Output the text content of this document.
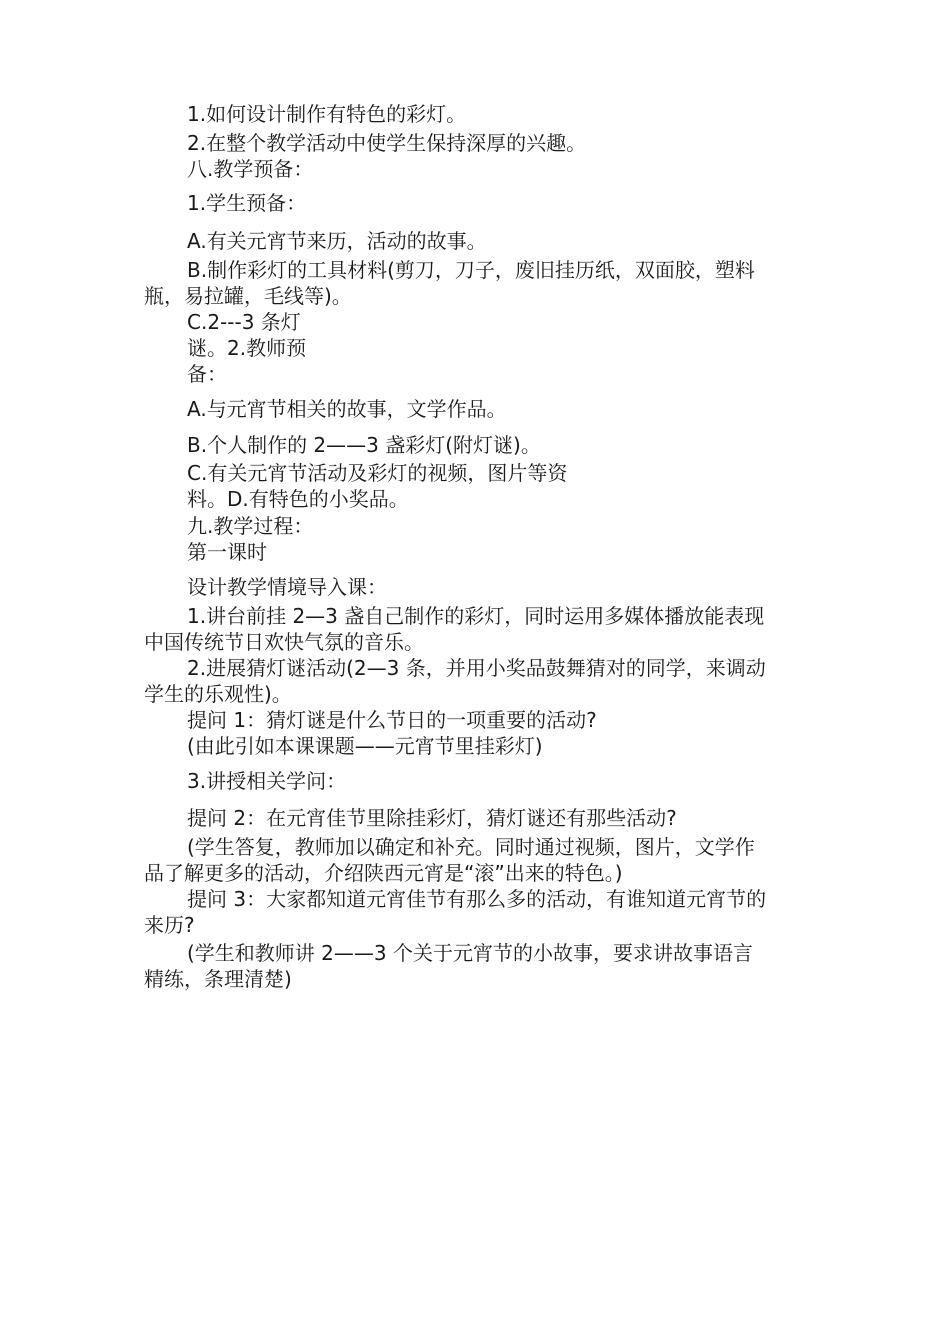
1.如何设计制作有特色的彩灯。
2.在整个教学活动中使学生保持深厚的兴趣。
八.教学预备：
1.学生预备：
A.有关元宵节来历，活动的故事。
B.制作彩灯的工具材料(剪刀，刀子，废旧挂历纸，双面胶，塑料
瓶，易拉罐，毛线等)。
C.2---3 条灯
谜。2.教师预
备：
A.与元宵节相关的故事，文学作品。
B.个人制作的 2——3 盏彩灯(附灯谜)。
C.有关元宵节活动及彩灯的视频，图片等资
料。D.有特色的小奖品。
九.教学过程：
第一课时
设计教学情境导入课：
1.讲台前挂 2—3 盏自己制作的彩灯，同时运用多媒体播放能表现
中国传统节日欢快气氛的音乐。
2.进展猜灯谜活动(2—3 条，并用小奖品鼓舞猜对的同学，来调动
学生的乐观性)。
提问 1：猜灯谜是什么节日的一项重要的活动?
(由此引如本课课题——元宵节里挂彩灯)
3.讲授相关学问：
提问 2：在元宵佳节里除挂彩灯，猜灯谜还有那些活动?
(学生答复，教师加以确定和补充。同时通过视频，图片，文学作
品了解更多的活动，介绍陕西元宵是“滚”出来的特色。)
提问 3：大家都知道元宵佳节有那么多的活动，有谁知道元宵节的
来历?
(学生和教师讲 2——3 个关于元宵节的小故事，要求讲故事语言
精练，条理清楚)
